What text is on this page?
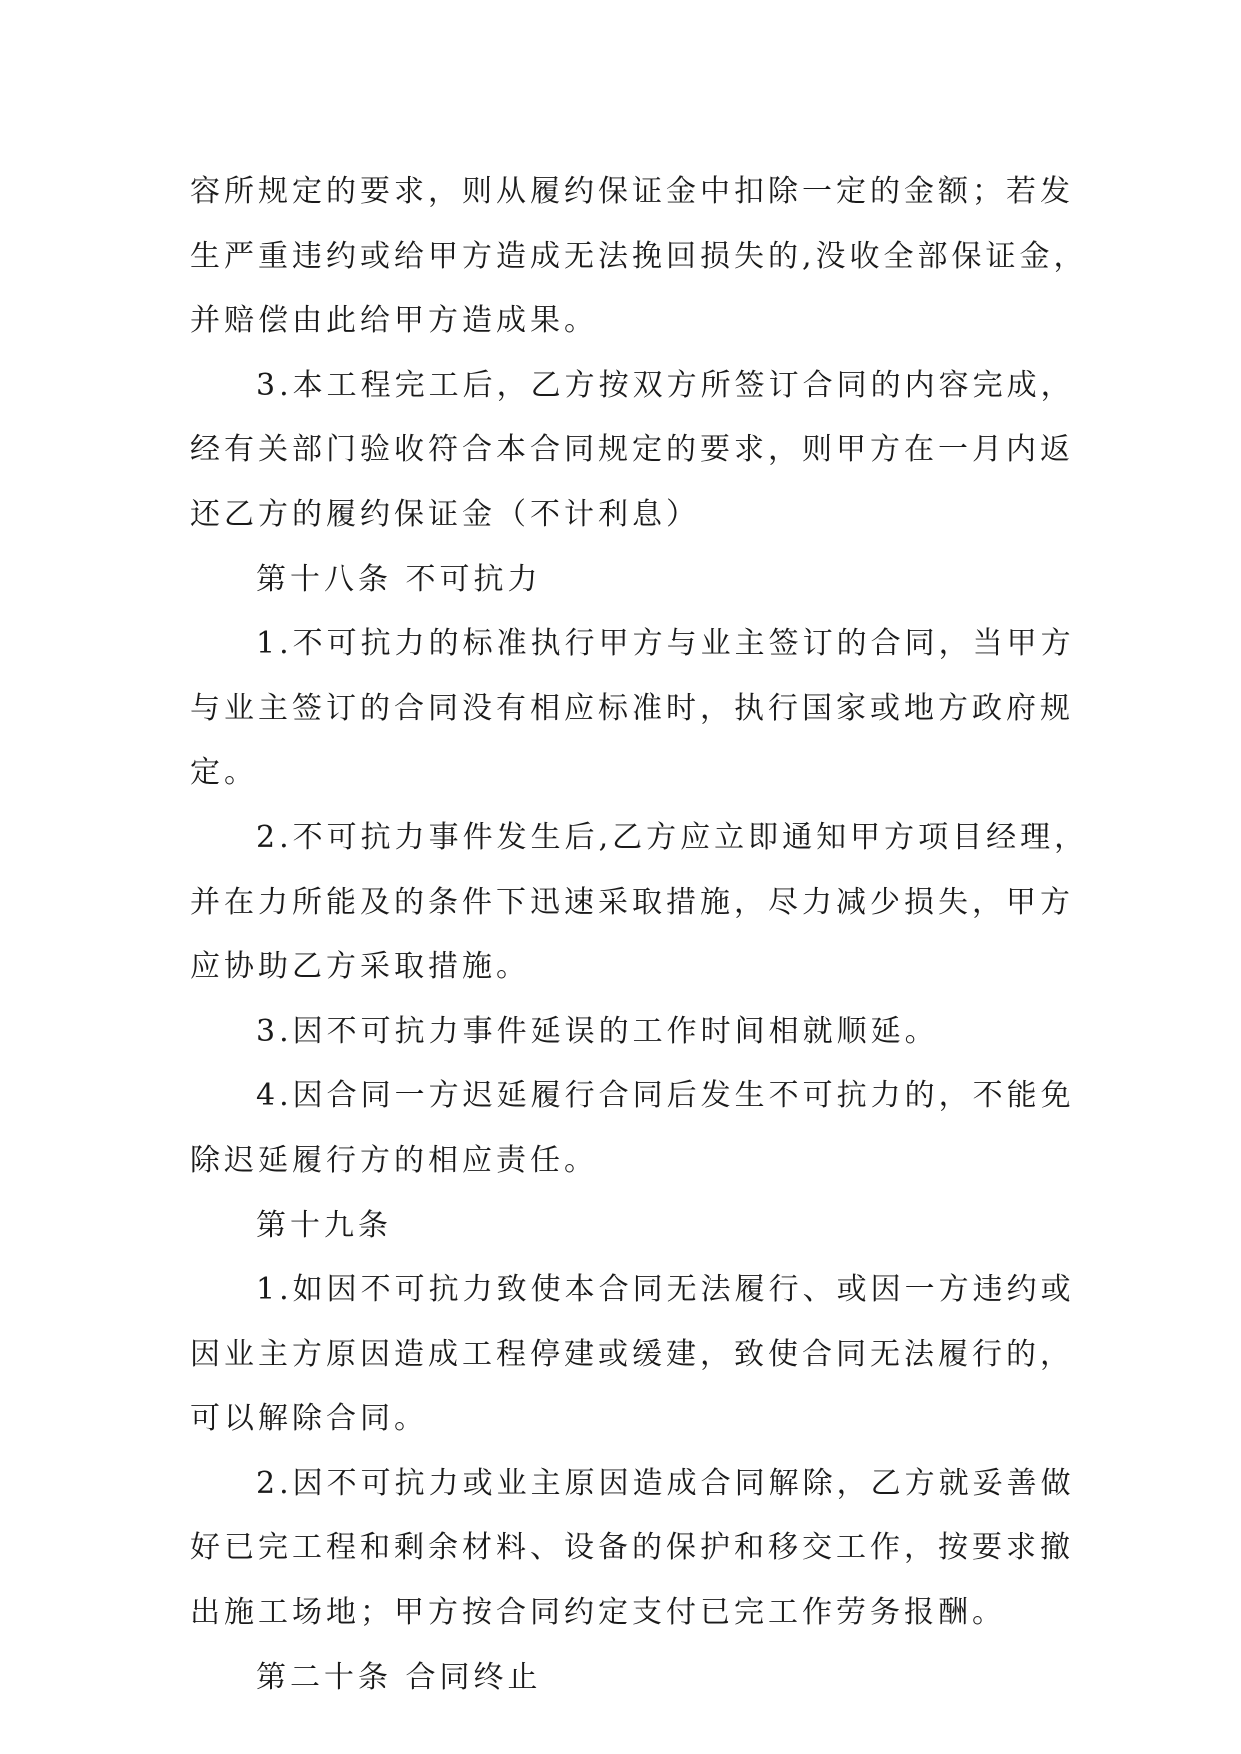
容所规定的要求，则从履约保证金中扣除一定的金额；若发
生严重违约或给甲方造成无法挽回损失的,没收全部保证金，
并赔偿由此给甲方造成果。
3.本工程完工后，乙方按双方所签订合同的内容完成，
经有关部门验收符合本合同规定的要求，则甲方在一月内返
还乙方的履约保证金（不计利息）
第十八条 不可抗力
1.不可抗力的标准执行甲方与业主签订的合同，当甲方
与业主签订的合同没有相应标准时，执行国家或地方政府规
定。
2.不可抗力事件发生后,乙方应立即通知甲方项目经理，
并在力所能及的条件下迅速采取措施，尽力减少损失，甲方
应协助乙方采取措施。
3.因不可抗力事件延误的工作时间相就顺延。
4.因合同一方迟延履行合同后发生不可抗力的，不能免
除迟延履行方的相应责任。
第十九条
1.如因不可抗力致使本合同无法履行、或因一方违约或
因业主方原因造成工程停建或缓建，致使合同无法履行的，
可以解除合同。
2.因不可抗力或业主原因造成合同解除，乙方就妥善做
好已完工程和剩余材料、设备的保护和移交工作，按要求撤
出施工场地；甲方按合同约定支付已完工作劳务报酬。
第二十条 合同终止
